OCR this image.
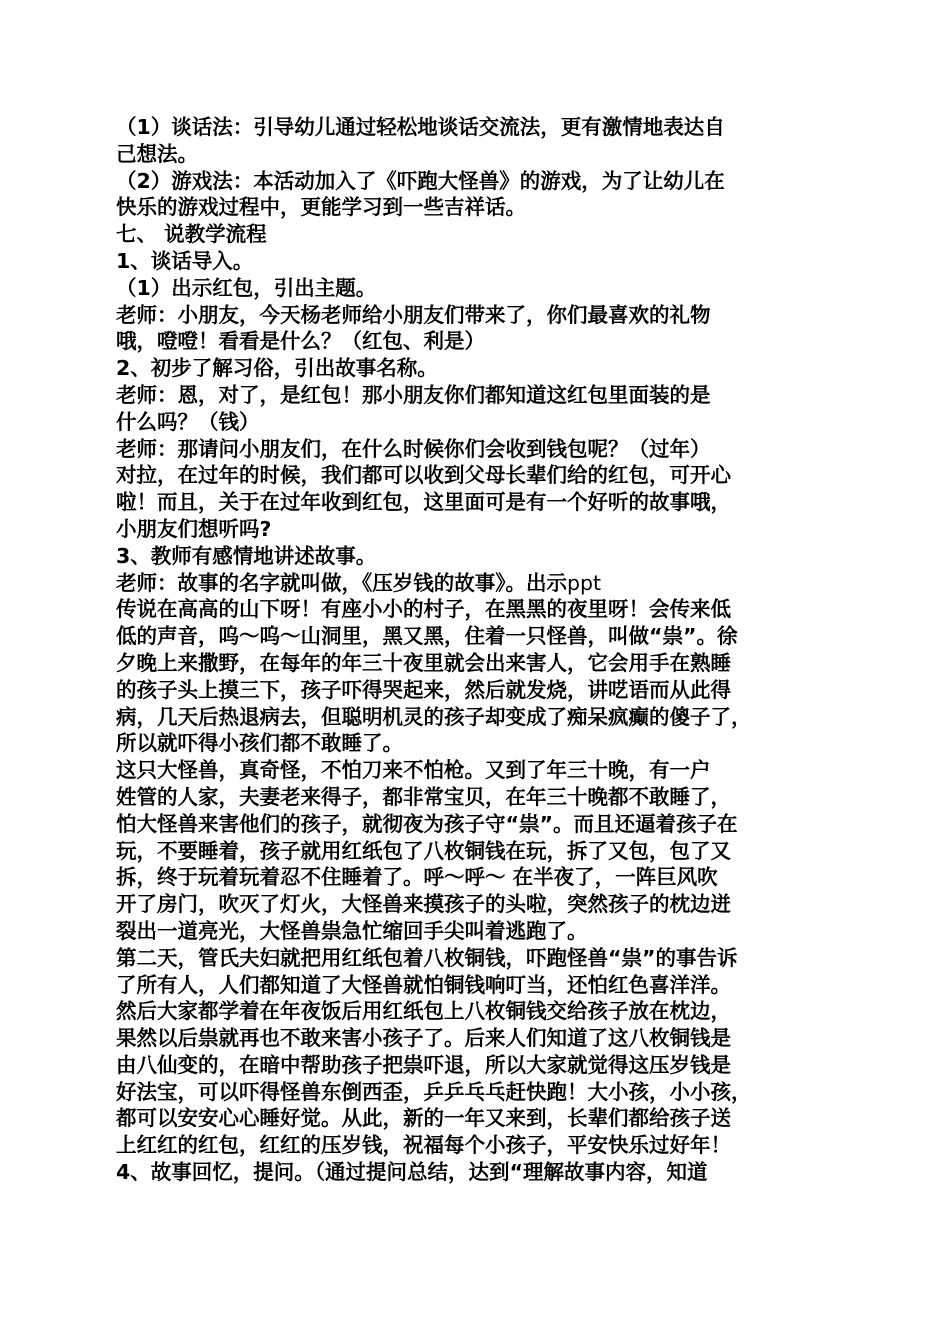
（1）谈话法：引导幼儿通过轻松地谈话交流法，更有激情地表达自
己想法。
（2）游戏法：本活动加入了《吓跑大怪兽》的游戏，为了让幼儿在
快乐的游戏过程中，更能学习到一些吉祥话。
七、 说教学流程
1、谈话导入。
（1）出示红包，引出主题。
老师：小朋友，今天杨老师给小朋友们带来了，你们最喜欢的礼物
哦，噔噔！看看是什么？（红包、利是）
2、初步了解习俗，引出故事名称。
老师：恩，对了，是红包！那小朋友你们都知道这红包里面装的是
什么吗？（钱）
老师：那请问小朋友们，在什么时候你们会收到钱包呢？（过年）
对拉，在过年的时候，我们都可以收到父母长辈们给的红包，可开心
啦！而且，关于在过年收到红包，这里面可是有一个好听的故事哦，
小朋友们想听吗?
3、教师有感情地讲述故事。
老师：故事的名字就叫做，《压岁钱的故事》。出示ppt
传说在高高的山下呀！有座小小的村子，在黑黑的夜里呀！会传来低
低的声音，呜～呜～山洞里，黑又黑，住着一只怪兽，叫做“祟”。徐
夕晚上来撒野，在每年的年三十夜里就会出来害人，它会用手在熟睡
的孩子头上摸三下，孩子吓得哭起来，然后就发烧，讲呓语而从此得
病，几天后热退病去，但聪明机灵的孩子却变成了痴呆疯癫的傻子了，
所以就吓得小孩们都不敢睡了。
这只大怪兽，真奇怪，不怕刀来不怕枪。又到了年三十晚，有一户
姓管的人家，夫妻老来得子，都非常宝贝，在年三十晚都不敢睡了，
怕大怪兽来害他们的孩子，就彻夜为孩子守“祟”。而且还逼着孩子在
玩，不要睡着，孩子就用红纸包了八枚铜钱在玩，拆了又包，包了又
拆，终于玩着玩着忍不住睡着了。呼～呼～ 在半夜了，一阵巨风吹
开了房门，吹灭了灯火，大怪兽来摸孩子的头啦，突然孩子的枕边迸
裂出一道亮光，大怪兽祟急忙缩回手尖叫着逃跑了。
第二天，管氏夫妇就把用红纸包着八枚铜钱，吓跑怪兽“祟”的事告诉
了所有人，人们都知道了大怪兽就怕铜钱响叮当，还怕红色喜洋洋。
然后大家都学着在年夜饭后用红纸包上八枚铜钱交给孩子放在枕边，
果然以后祟就再也不敢来害小孩子了。后来人们知道了这八枚铜钱是
由八仙变的，在暗中帮助孩子把祟吓退，所以大家就觉得这压岁钱是
好法宝，可以吓得怪兽东倒西歪，乒乒乓乓赶快跑！大小孩，小小孩，
都可以安安心心睡好觉。从此，新的一年又来到，长辈们都给孩子送
上红红的红包，红红的压岁钱，祝福每个小孩子，平安快乐过好年！
4、故事回忆，提问。（通过提问总结，达到“理解故事内容，知道
